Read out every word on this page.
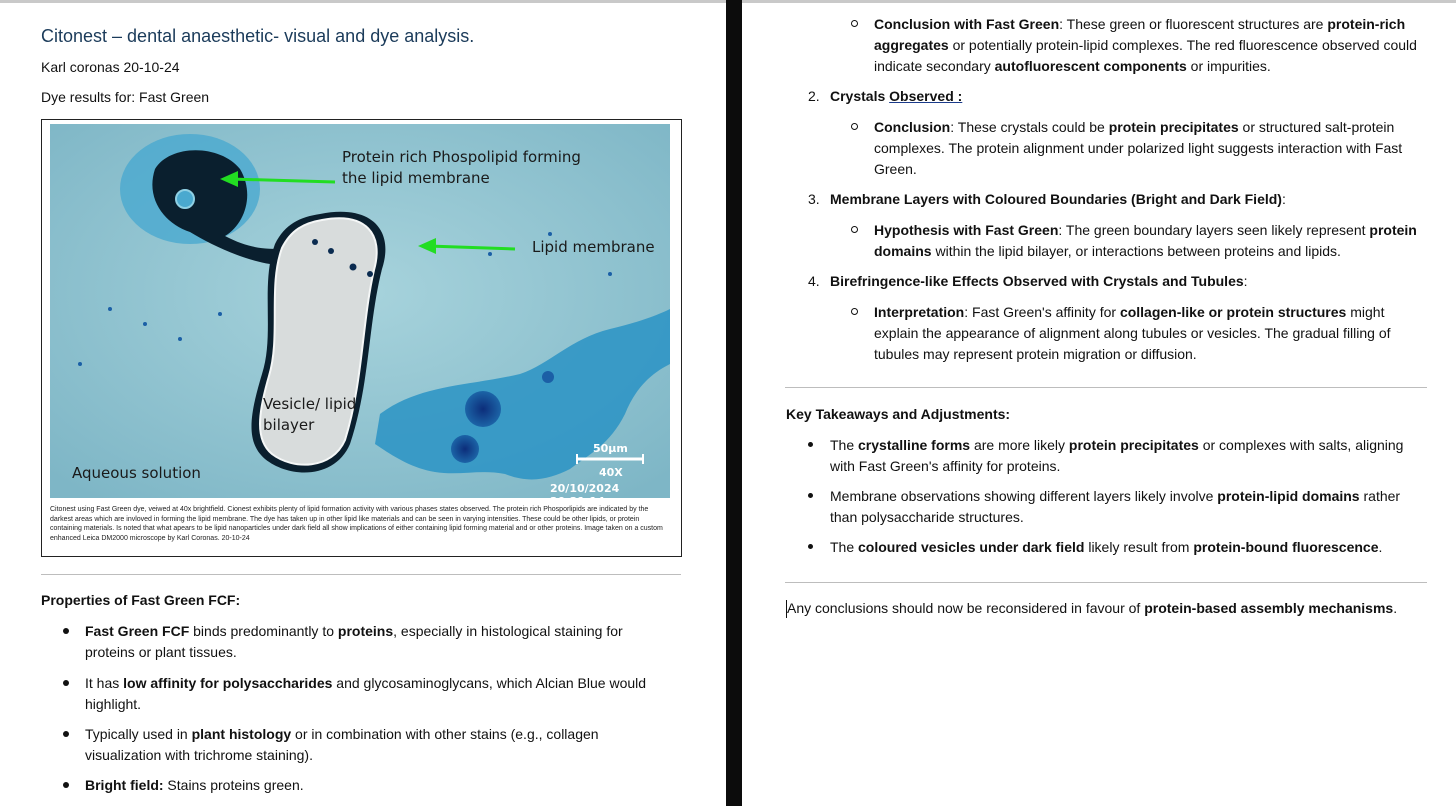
Citonest – dental anaesthetic- visual and dye analysis.
Karl coronas 20-10-24
Dye results for: Fast Green
Protein rich Phospolipid forming
the lipid membrane
Lipid membrane
Vesicle/ lipid
bilayer
Aqueous solution
50µm
40X
20/10/2024 20:21:14
Citonest using Fast Green dye, veiwed at 40x brightfield. Cionest exhibits plenty of lipid formation activity with various phases states observed. The protein rich Phosporlipids are indicated by the darkest areas which are invloved in forming the lipid membrane. The dye has taken up in other lipid like materials and can be seen in varying intensities. These could be other lipids, or protein containing materials. Is noted that what apears to be lipid nanoparticles under dark field all show implications of either containing lipid forming material and or other proteins. Image taken on a custom enhanced Leica DM2000 microscope by Karl Coronas. 20-10-24
Properties of Fast Green FCF:
Fast Green FCF binds predominantly to proteins, especially in histological staining for
proteins or plant tissues.
It has low affinity for polysaccharides and glycosaminoglycans, which Alcian Blue would
highlight.
Typically used in plant histology or in combination with other stains (e.g., collagen
visualization with trichrome staining).
Bright field: Stains proteins green.
Conclusion with Fast Green: These green or fluorescent structures are protein-rich
aggregates or potentially protein-lipid complexes. The red fluorescence observed could
indicate secondary autofluorescent components or impurities.
2. Crystals Observed :
Conclusion: These crystals could be protein precipitates or structured salt-protein
complexes. The protein alignment under polarized light suggests interaction with Fast
Green.
3. Membrane Layers with Coloured Boundaries (Bright and Dark Field):
Hypothesis with Fast Green: The green boundary layers seen likely represent protein
domains within the lipid bilayer, or interactions between proteins and lipids.
4. Birefringence-like Effects Observed with Crystals and Tubules:
Interpretation: Fast Green's affinity for collagen-like or protein structures might
explain the appearance of alignment along tubules or vesicles. The gradual filling of
tubules may represent protein migration or diffusion.
Key Takeaways and Adjustments:
The crystalline forms are more likely protein precipitates or complexes with salts, aligning
with Fast Green's affinity for proteins.
Membrane observations showing different layers likely involve protein-lipid domains rather
than polysaccharide structures.
The coloured vesicles under dark field likely result from protein-bound fluorescence.
Any conclusions should now be reconsidered in favour of protein-based assembly mechanisms.
